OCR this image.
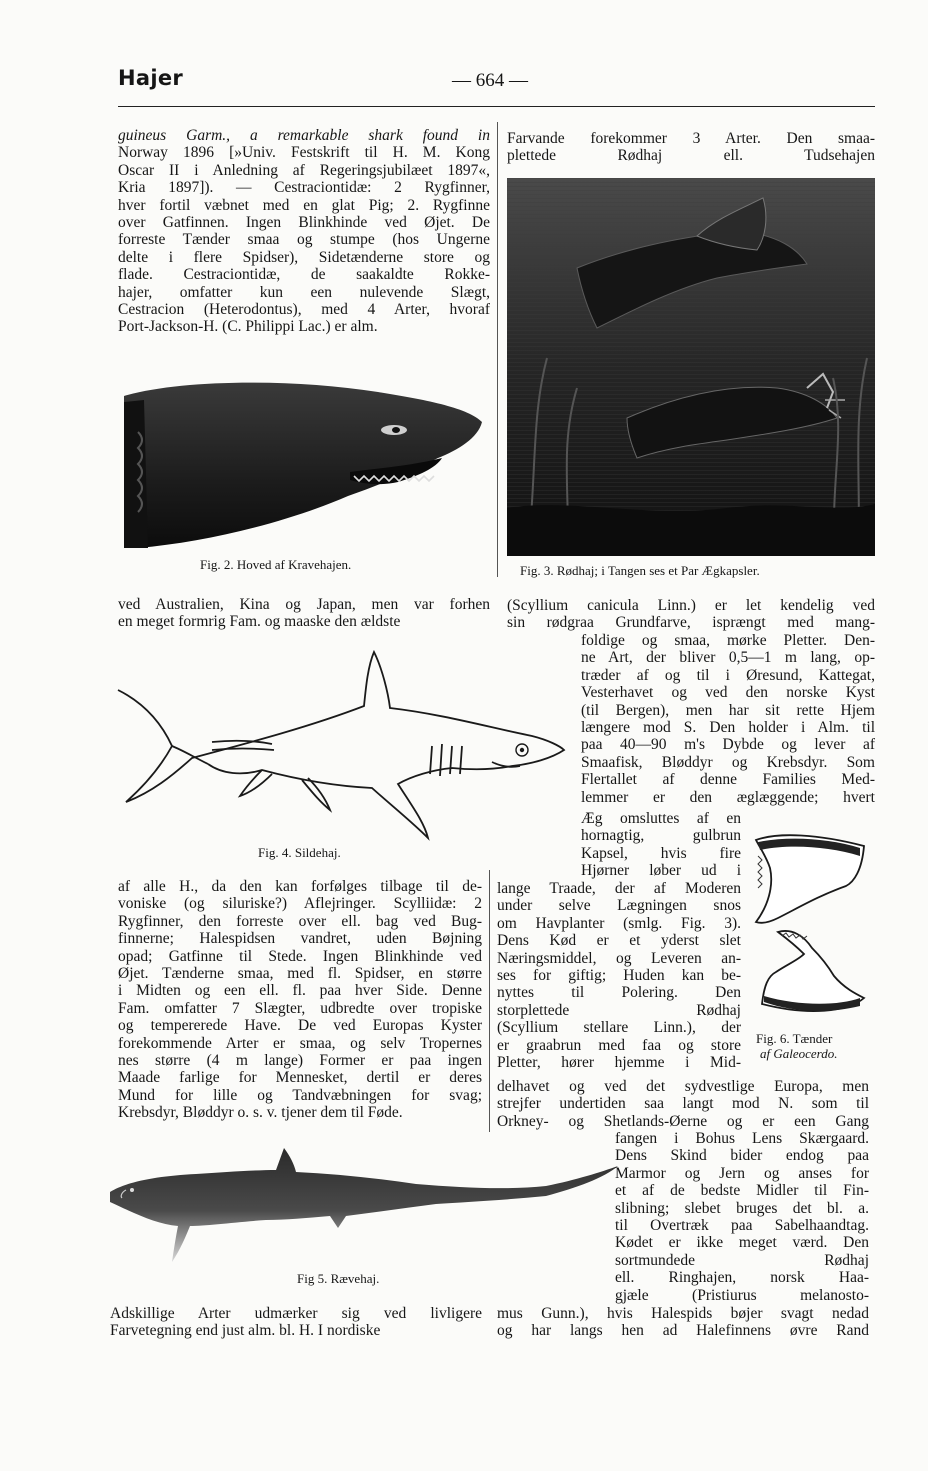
Hajer	— 664 —
guineus Garm., a remarkable shark found in
Norway 1896 [»Univ. Festskrift til H. M. Kong
Oscar II i Anledning af Regeringsjubilæet 1897«,
Kria 1897]). — Cestraciontidæ: 2 Rygfinner,
hver fortil væbnet med en glat Pig; 2. Rygfinne
over Gatfinnen. Ingen Blinkhinde ved Øjet. De
forreste Tænder smaa og stumpe (hos Ungerne
delte i flere Spidser), Sidetænderne store og
flade. Cestraciontidæ, de saakaldte Rokke-
hajer, omfatter kun een nulevende Slægt,
Cestracion (Heterodontus), med 4 Arter, hvoraf
Port-Jackson-H. (C. Philippi Lac.) er alm.
Fig. 2. Hoved af Kravehajen.
ved Australien, Kina og Japan, men var forhen
en meget formrig Fam. og maaske den ældste
Fig. 4. Sildehaj.
af alle H., da den kan forfølges tilbage til de-
voniske (og siluriske?) Aflejringer. Scylliidæ: 2
Rygfinner, den forreste over ell. bag ved Bug-
finnerne; Halespidsen vandret, uden Bøjning
opad; Gatfinne til Stede. Ingen Blinkhinde ved
Øjet. Tænderne smaa, med fl. Spidser, en større
i Midten og een ell. fl. paa hver Side. Denne
Fam. omfatter 7 Slægter, udbredte over tropiske
og tempererede Have. De ved Europas Kyster
forekommende Arter er smaa, og selv Tropernes
nes større (4 m lange) Former er paa ingen
Maade farlige for Mennesket, dertil er deres
Mund for lille og Tandvæbningen for svag;
Krebsdyr, Bløddyr o. s. v. tjener dem til Føde.
Fig 5. Rævehaj.
Adskillige Arter udmærker sig ved livligere
Farvetegning end just alm. bl. H. I nordiske
Farvande forekommer 3 Arter. Den smaa-
plettede Rødhaj ell. Tudsehajen
Fig. 3. Rødhaj; i Tangen ses et Par Ægkapsler.
(Scyllium canicula Linn.) er let kendelig ved
sin rødgraa Grundfarve, isprængt med mang-
foldige og smaa, mørke Pletter. Den-
ne Art, der bliver 0,5—1 m lang, op-
træder af og til i Øresund, Kattegat,
Vesterhavet og ved den norske Kyst
(til Bergen), men har sit rette Hjem
længere mod S. Den holder i Alm. til
paa 40—90 m's Dybde og lever af
Smaafisk, Bløddyr og Krebsdyr. Som
Flertallet af denne Families Med-
lemmer er den æglæggende; hvert
Æg omsluttes af en
hornagtig, gulbrun
Kapsel, hvis fire
Hjørner løber ud i
lange Traade, der af Moderen
under selve Lægningen snos
om Havplanter (smlg. Fig. 3).
Dens Kød er et yderst slet
Næringsmiddel, og Leveren an-
ses for giftig; Huden kan be-
nyttes til Polering. Den
storplettede Rødhaj
(Scyllium stellare Linn.), der
er graabrun med faa og store
Pletter, hører hjemme i Mid-
Fig. 6. Tænder
af Galeocerdo.
delhavet og ved det sydvestlige Europa, men
strejfer undertiden saa langt mod N. som til
Orkney- og Shetlands-Øerne og er een Gang
fangen i Bohus Lens Skærgaard.
Dens Skind bider endog paa
Marmor og Jern og anses for
et af de bedste Midler til Fin-
slibning; slebet bruges det bl. a.
til Overtræk paa Sabelhaandtag.
Kødet er ikke meget værd. Den
sortmundede Rødhaj
ell. Ringhajen, norsk Haa-
gjæle (Pristiurus melanosto-
mus Gunn.), hvis Halespids bøjer svagt nedad
og har langs hen ad Halefinnens øvre Rand
